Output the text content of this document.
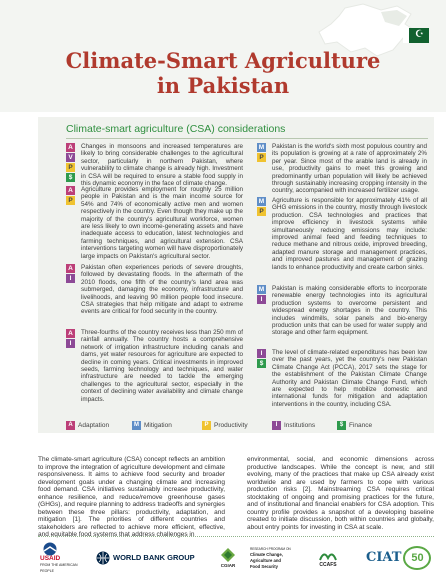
☪
Climate-Smart Agriculture
in Pakistan
Climate-smart agriculture (CSA) considerations
A
V
P
$

Changes in monsoons and increased temperatures are likely to bring considerable challenges to the agricultural sector, particularly in northern Pakistan, where vulnerability to climate change is already high. Investment in CSA will be required to ensure a stable food supply in this dynamic economy in the face of climate change.

A
P

Agriculture provides employment for roughly 25 million people in Pakistan and is the main income source for 54% and 74% of economically active men and women respectively in the country. Even though they make up the majority of the country's agricultural workforce, women are less likely to own income-generating assets and have inadequate access to education, latest technologies and farming techniques, and agricultural extension. CSA interventions targeting women will have disproportionately large impacts on Pakistan's agricultural sector.

A
I

Pakistan often experiences periods of severe droughts, followed by devastating floods. In the aftermath of the 2010 floods, one fifth of the country's land area was submerged, damaging the economy, infrastructure and livelihoods, and leaving 90 million people food insecure. CSA strategies that help mitigate and adapt to extreme events are critical for food security in the country.

A
I

Three-fourths of the country receives less than 250 mm of rainfall annually. The country hosts a comprehensive network of irrigation infrastructure including canals and dams, yet water resources for agriculture are expected to decline in coming years. Critical investments in improved seeds, farming technology and techniques, and water infrastructure are needed to tackle the emerging challenges to the agricultural sector, especially in the context of declining water availability and climate change impacts.

M
P

Pakistan is the world's sixth most populous country and its population is growing at a rate of approximately 2% per year. Since most of the arable land is already in use, productivity gains to meet this growing and predominantly urban population will likely be achieved through sustainably increasing cropping intensity in the country, accompanied with increased fertilizer usage.

M
P

Agriculture is responsible for approximately 41% of all GHG emissions in the country, mostly through livestock production. CSA technologies and practices that improve efficiency in livestock systems while simultaneously reducing emissions may include: improved animal feed and feeding techniques to reduce methane and nitrous oxide, improved breeding, adapted manure storage and management practices, and improved pastures and management of grazing lands to enhance productivity and create carbon sinks.

M
I

Pakistan is making considerable efforts to incorporate renewable energy technologies into its agricultural production systems to overcome persistent and widespread energy shortages in the country. This includes windmills, solar panels and bio-energy production units that can be used for water supply and storage and other farm equipment.

I
$

The level of climate-related expenditures has been low over the past years, yet the country's new Pakistan Climate Change Act (PCCA), 2017 sets the stage for the establishment of the Pakistan Climate Change Authority and Pakistan Climate Change Fund, which are expected to help mobilize domestic and international funds for mitigation and adaptation interventions in the country, including CSA.

A Adaptation	M Mitigation	P Productivity	I Institutions	$ Finance

The climate-smart agriculture (CSA) concept reflects an ambition to improve the integration of agriculture development and climate responsiveness. It aims to achieve food security and broader development goals under a changing climate and increasing food demand. CSA initiatives sustainably increase productivity, enhance resilience, and reduce/remove greenhouse gases (GHGs), and require planning to address tradeoffs and synergies between these three pillars: productivity, adaptation, and mitigation [1]. The priorities of different countries and stakeholders are reflected to achieve more efficient, effective, and equitable food systems that address challenges in

environmental, social, and economic dimensions across productive landscapes. While the concept is new, and still evolving, many of the practices that make up CSA already exist worldwide and are used by farmers to cope with various production risks [2]. Mainstreaming CSA requires critical stocktaking of ongoing and promising practices for the future, and of institutional and financial enablers for CSA adoption. This country profile provides a snapshot of a developing baseline created to initiate discussion, both within countries and globally, about entry points for investing in CSA at scale.

USAID
FROM THE AMERICAN PEOPLE
WORLD BANK GROUP
CGIAR
RESEARCH PROGRAM ON
Climate Change,
Agriculture and
Food Security	CCAFS CIAT 50
